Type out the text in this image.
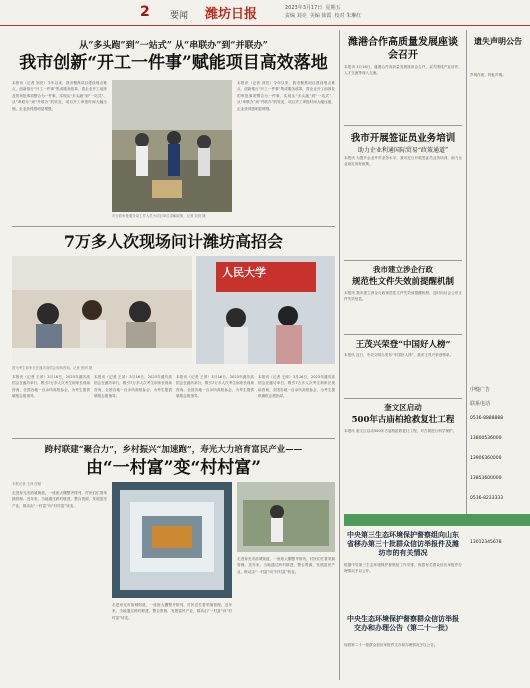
2 要闻 潍坊日报	2023年3月17日  星期五
责编 刘亮  美编 徐霞  校对 朱琳红
从“多头跑”到“一站式” 从“串联办”到“并联办”
我市创新“开工一件事”赋能项目高效落地
本报讯（记者 刘亮）今年以来，我市聚焦项目建设堵点难点，创新推行“开工一件事”集成服务改革，将企业开工前涉及的审批事项整合为一件事，实现从“多头跑”到“一站式”、从“串联办”到“并联办”的转变，项目开工审批时间大幅压缩，企业获得感明显增强。
市行政审批服务局工作人员为项目单位讲解政策。记者 刘亮 摄
本报讯（记者 刘亮）今年以来，我市聚焦项目建设堵点难点，创新推行“开工一件事”集成服务改革，将企业开工前涉及的审批事项整合为一件事，实现从“多头跑”到“一站式”、从“串联办”到“并联办”的转变，项目开工审批时间大幅压缩，企业获得感明显增强。
7万多人次现场问计潍坊高招会
人民大学
图为考生和家长在潍坊高招会现场咨询。记者 张明 摄
本报讯（记者 王萍）3月16日，2023年潍坊高招会在潍坊举行，吸引7万多人次考生和家长现场咨询，全国各地一百余所高校参会，为考生提供填报志愿指导。
本报讯（记者 王萍）3月16日，2023年潍坊高招会在潍坊举行，吸引7万多人次考生和家长现场咨询，全国各地一百余所高校参会，为考生提供填报志愿指导。
本报讯（记者 王萍）3月16日，2023年潍坊高招会在潍坊举行，吸引7万多人次考生和家长现场咨询，全国各地一百余所高校参会，为考生提供填报志愿指导。
本报讯（记者 王萍）3月16日，2023年潍坊高招会在潍坊举行，吸引7万多人次考生和家长现场咨询，全国各地一百余所高校参会，为考生提供填报志愿指导。
跨村联建“聚合力”，乡村振兴“加速跑”，寿光大力培育富民产业——
由“一村富”变“村村富”
本报记者 王萍 张敏
走进寿光市洛城街道，一座座大棚整齐排列，村民们忙着采摘管理。近年来，当地通过跨村联建，整合资源，发展富民产业，推动由“一村富”向“村村富”转变。
走进寿光市洛城街道，一座座大棚整齐排列，村民们忙着采摘管理。近年来，当地通过跨村联建，整合资源，发展富民产业，推动由“一村富”向“村村富”转变。
走进寿光市洛城街道，一座座大棚整齐排列，村民们忙着采摘管理。近年来，当地通过跨村联建，整合资源，发展富民产业，推动由“一村富”向“村村富”转变。
潍港合作高质量发展座谈会召开
本报讯 3月16日，潍港合作高质量发展座谈会召开，双方围绕产业协作、人才交流等深入交流。
我市开展签证员业务培训
助力企业利通国际贸易“政策通道”
本报讯 为提升企业外贸业务水平，我市近日开展签证员业务培训，助力企业用足用好政策。
我市建立涉企行政
规范性文件失效前提醒机制
本报讯 我市建立涉企行政规范性文件失效前提醒机制，及时向社会公布文件失效信息。
王茂兴荣登“中国好人榜”
本报讯 近日，中央文明办发布“中国好人榜”，我市王茂兴荣登榜单。
奎文区启动
500年古庙柏抢救复壮工程
本报讯 奎文区启动500年古庙柏抢救复壮工程，对古树进行科学保护。
中央第三生态环境保护督察组向山东省移办第三十批群众信访举报件及潍坊市的有关情况
根据中央第三生态环境保护督察组工作安排，现将有关群众信访举报件办理情况予以公开。
中央生态环境保护督察群众信访举报交办和办理公告（第二十一批）
现将第二十一批群众信访举报件交办和办理情况予以公告。
遗失声明公告
声明作废，特此声明。
中缝广告
联系电话
0536-8888888
13800536000
13906360000
13853600000
0536-8233333
13012345678
